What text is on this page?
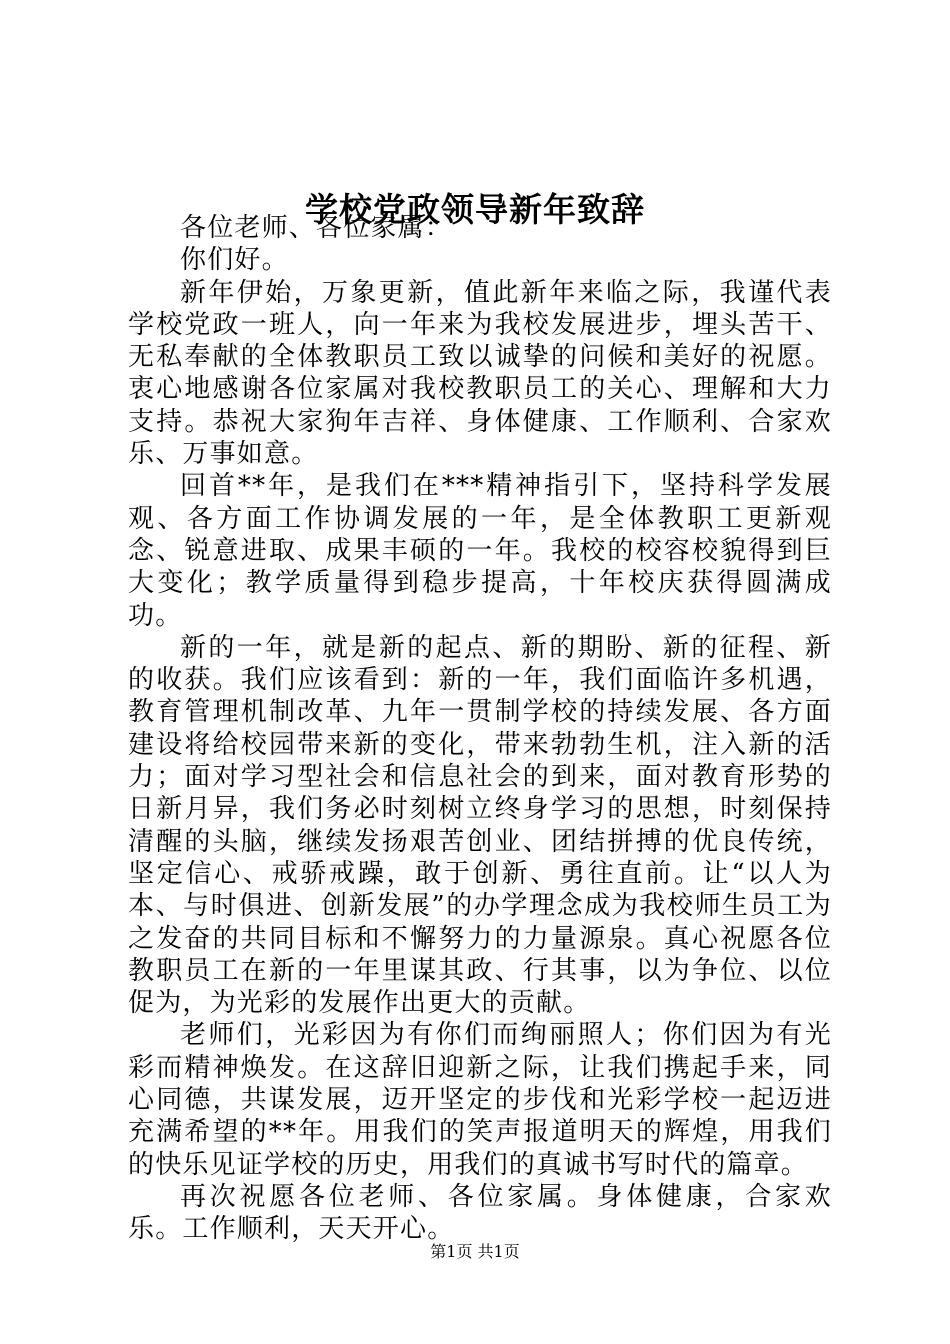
学校党政领导新年致辞

各位老师、各位家属：

你们好。

新年伊始，万象更新，值此新年来临之际，我谨代表学校党政一班人，向一年来为我校发展进步，埋头苦干、无私奉献的全体教职员工致以诚挚的问候和美好的祝愿。衷心地感谢各位家属对我校教职员工的关心、理解和大力支持。恭祝大家狗年吉祥、身体健康、工作顺利、合家欢乐、万事如意。

回首**年，是我们在***精神指引下，坚持科学发展观、各方面工作协调发展的一年，是全体教职工更新观念、锐意进取、成果丰硕的一年。我校的校容校貌得到巨大变化；教学质量得到稳步提高，十年校庆获得圆满成功。

新的一年，就是新的起点、新的期盼、新的征程、新的收获。我们应该看到：新的一年，我们面临许多机遇，教育管理机制改革、九年一贯制学校的持续发展、各方面建设将给校园带来新的变化，带来勃勃生机，注入新的活力；面对学习型社会和信息社会的到来，面对教育形势的日新月异，我们务必时刻树立终身学习的思想，时刻保持清醒的头脑，继续发扬艰苦创业、团结拼搏的优良传统，坚定信心、戒骄戒躁，敢于创新、勇往直前。让“以人为本、与时俱进、创新发展”的办学理念成为我校师生员工为之发奋的共同目标和不懈努力的力量源泉。真心祝愿各位教职员工在新的一年里谋其政、行其事，以为争位、以位促为，为光彩的发展作出更大的贡献。

老师们，光彩因为有你们而绚丽照人；你们因为有光彩而精神焕发。在这辞旧迎新之际，让我们携起手来，同心同德，共谋发展，迈开坚定的步伐和光彩学校一起迈进充满希望的**年。用我们的笑声报道明天的辉煌，用我们的快乐见证学校的历史，用我们的真诚书写时代的篇章。

再次祝愿各位老师、各位家属。身体健康，合家欢乐。工作顺利，天天开心。

第1页 共1页
